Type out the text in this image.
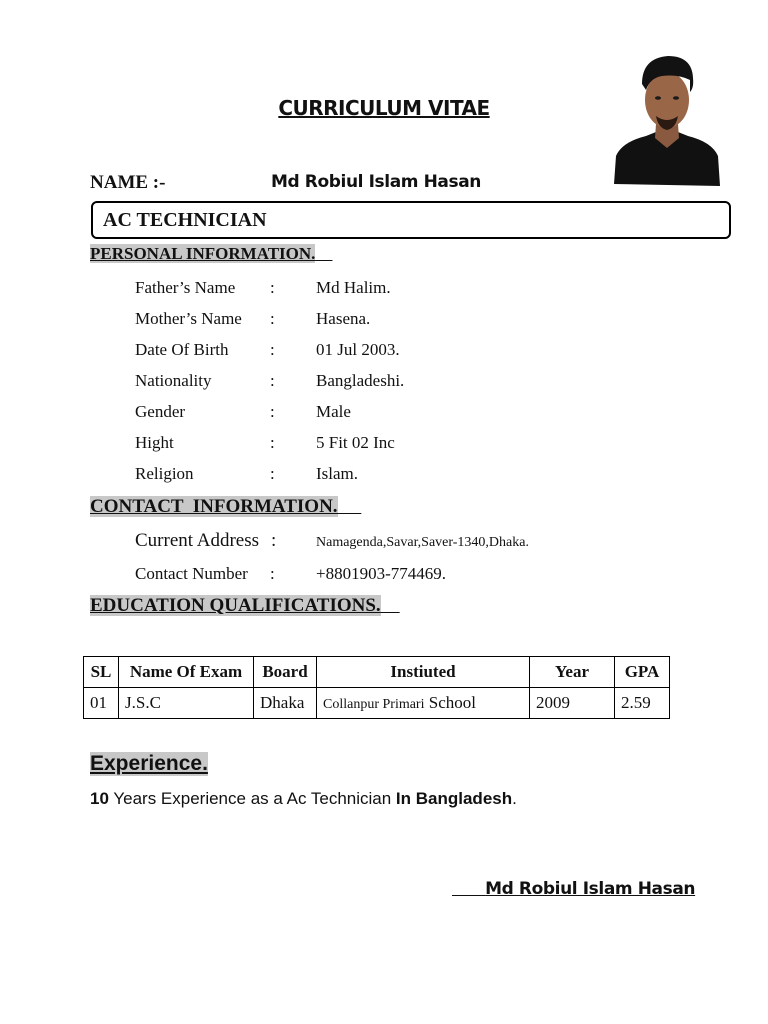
CURRICULUM VITAE
NAME :-	Md Robiul Islam Hasan
AC TECHNICIAN
PERSONAL INFORMATION.
Father’s Name : Md Halim.
Mother’s Name : Hasena.
Date Of Birth : 01 Jul 2003.
Nationality	: Bangladeshi.
Gender	: Male
Hight	: 5 Fit 02 Inc
Religion	: Islam.
CONTACT  INFORMATION.
Current Address :	Namagenda,Savar,Saver-1340,Dhaka.
Contact Number : +8801903-774469.
EDUCATION QUALIFICATIONS.
SL	Name Of Exam	Board	Instiuted	Year	GPA
01	J.S.C	Dhaka	Collanpur Primari School	2009	2.59
Experience.
10 Years Experience as a Ac Technician In Bangladesh.
Md Robiul Islam Hasan
